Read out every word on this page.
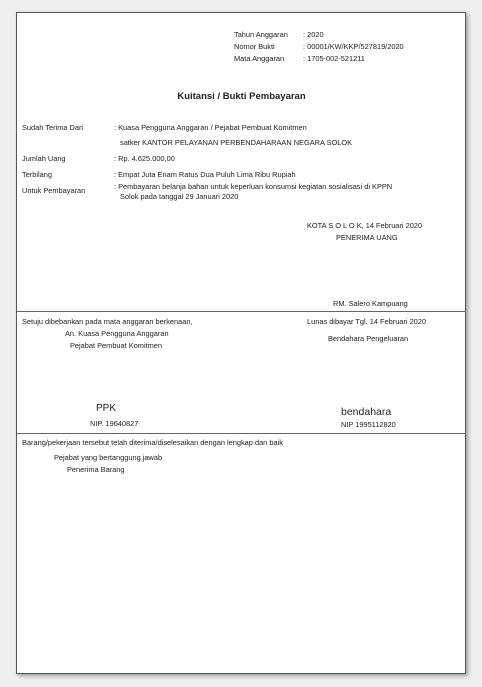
Tahun Anggaran : 2020
Nomor Bukti	: 00001/KW/KKP/527819/2020
Mata Anggaran	: 1705-002-521211
Kuitansi / Bukti Pembayaran
Sudah Terima Dari	: Kuasa Pengguna Anggaran / Pejabat Pembuat Komitmen
satker KANTOR PELAYANAN PERBENDAHARAAN NEGARA SOLOK
Jumlah Uang	: Rp. 4.625.000,00
Terbilang	: Empat Juta Enam Ratus Dua Puluh Lima Ribu Rupiah
Untuk Pembayaran	: Pembayaran belanja bahan untuk keperluan konsumsi kegiatan sosialisasi di KPPN
Solok pada tanggal 29 Januari 2020
KOTA S O L O K, 14 Februari 2020
PENERIMA UANG
RM. Salero Kampuang
Setuju dibebankan pada mata anggaran berkenaan,
An. Kuasa Pengguna Anggaran
Pejabat Pembuat Komitmen
PPK
NIP. 19640827
Lunas dibayar Tgl. 14 Februari 2020
Bendahara Pengeluaran
bendahara
NIP 1995112820
Barang/pekerjaan tersebut telah diterima/diselesaikan dengan lengkap dan baik
Pejabat yang bertanggung jawab
Penerima Barang
